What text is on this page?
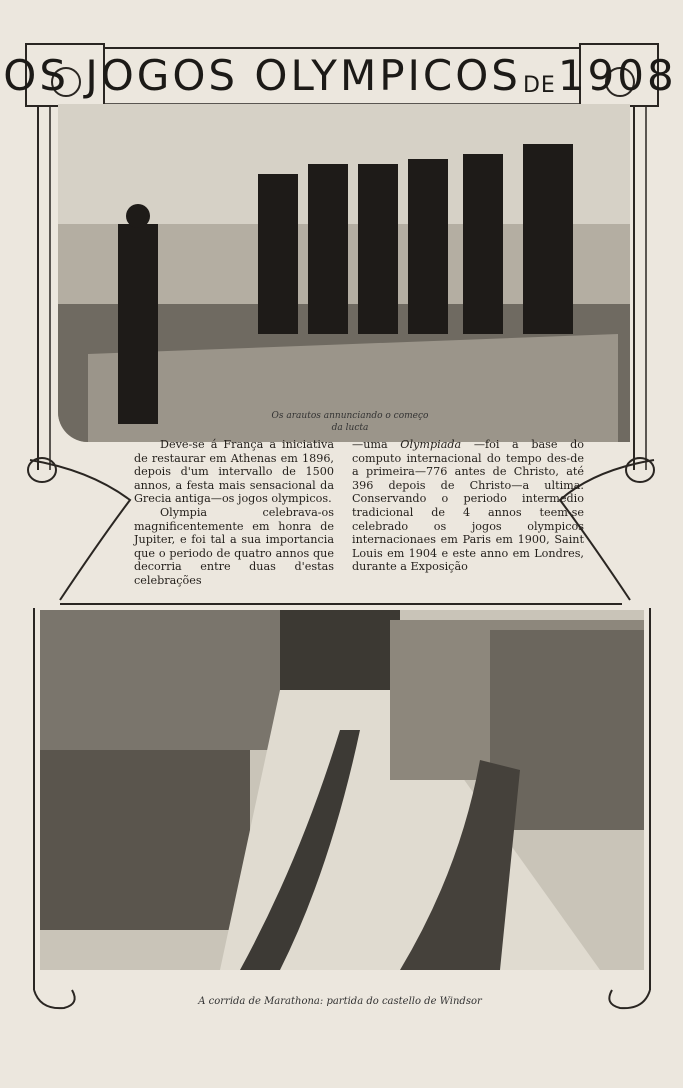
OS JOGOS OLYMPICOS DE 1908
Os arautos annunciando o começo
da lucta

Deve-se á França a iniciativa de restaurar em Athenas em 1896, depois d'um intervallo de 1500 annos, a festa mais sensacional da Grecia antiga—os jogos olympicos.

Olympia celebrava-os magnificentemente em honra de Jupiter, e foi tal a sua importancia que o periodo de quatro annos que decorria entre duas d'estas celebrações

—uma Olympiada —foi a base do computo internacional do tempo des-de a primeira—776 antes de Christo, até 396 depois de Christo—a ultima. Conservando o periodo intermedio tradicional de 4 annos teem-se celebrado os jogos olympicos internacionaes em Paris em 1900, Saint Louis em 1904 e este anno em Londres, durante a Exposição

A corrida de Marathona: partida do castello de Windsor
